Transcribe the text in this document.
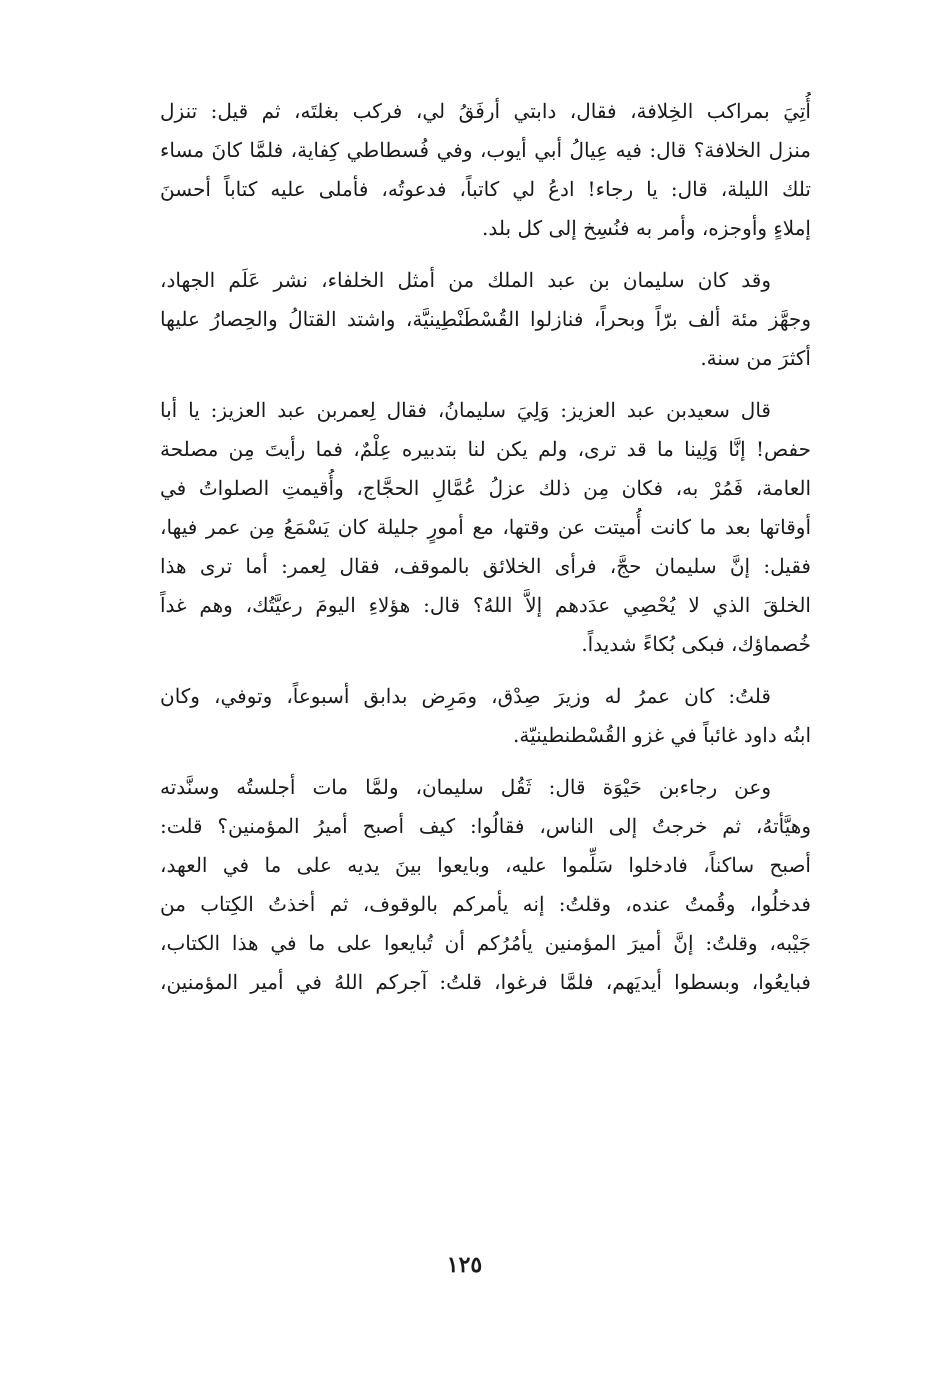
أُتِيَ بمراكب الخِلافة، فقال، دابتي أرفَقُ لي، فركب بغلتَه، ثم قيل: تنزل
منزل الخلافة؟ قال: فيه عِيالُ أبي أيوب، وفي فُسطاطي كِفاية، فلمَّا كانَ مساء
تلك الليلة، قال: يا رجاء! ادعُ لي كاتباً، فدعوتُه، فأملى عليه كتاباً أحسنَ
إملاءٍ وأوجزه، وأمر به فنُسِخ إلى كل بلد.

وقد كان سليمان بن عبد الملك من أمثل الخلفاء، نشر عَلَم الجهاد،
وجهَّز مئة ألف برّاً وبحراً، فنازلوا القُسْطَنْطِينيَّة، واشتد القتالُ والحِصارُ عليها
أكثرَ من سنة.

قال سعيدبن عبد العزيز: وَلِيَ سليمانُ، فقال لِعمربن عبد العزيز: يا أبا
حفص! إنَّا وَلِينا ما قد ترى، ولم يكن لنا بتدبيره عِلْمٌ، فما رأيتَ مِن مصلحة
العامة، فَمُرْ به، فكان مِن ذلك عزلُ عُمَّالِ الحجَّاج، وأُقيمتِ الصلواتُ في
أوقاتها بعد ما كانت أُميتت عن وقتها، مع أمورٍ جليلة كان يَسْمَعُ مِن عمر فيها،
فقيل: إنَّ سليمان حجَّ، فرأى الخلائق بالموقف، فقال لِعمر: أما ترى هذا
الخلقَ الذي لا يُحْصِي عدَدهم إلاَّ اللهُ؟ قال: هؤلاءِ اليومَ رعيَّتُك، وهم غداً
خُصماؤك، فبكى بُكاءً شديداً.

قلتُ: كان عمرُ له وزيرَ صِدْق، ومَرِض بدابق أسبوعاً، وتوفي، وكان
ابنُه داود غائباً في غزو القُسْطنطينيّة.

وعن رجاءبن حَيْوَة قال: ثَقُل سليمان، ولمَّا مات أجلستُه وسنَّدته
وهيَّأتهُ، ثم خرجتُ إلى الناس، فقالُوا: كيف أصبح أميرُ المؤمنين؟ قلت:
أصبح ساكناً، فادخلوا سَلِّموا عليه، وبايعوا بينَ يديه على ما في العهد،
فدخلُوا، وقُمتُ عنده، وقلتُ: إنه يأمركم بالوقوف، ثم أخذتُ الكِتاب من
جَيْبه، وقلتُ: إنَّ أميرَ المؤمنين يأمُرُكم أن تُبايعوا على ما في هذا الكتاب،
فبايعُوا، وبسطوا أيديَهم، فلمَّا فرغوا، قلتُ: آجركم اللهُ في أمير المؤمنين،

١٢٥
